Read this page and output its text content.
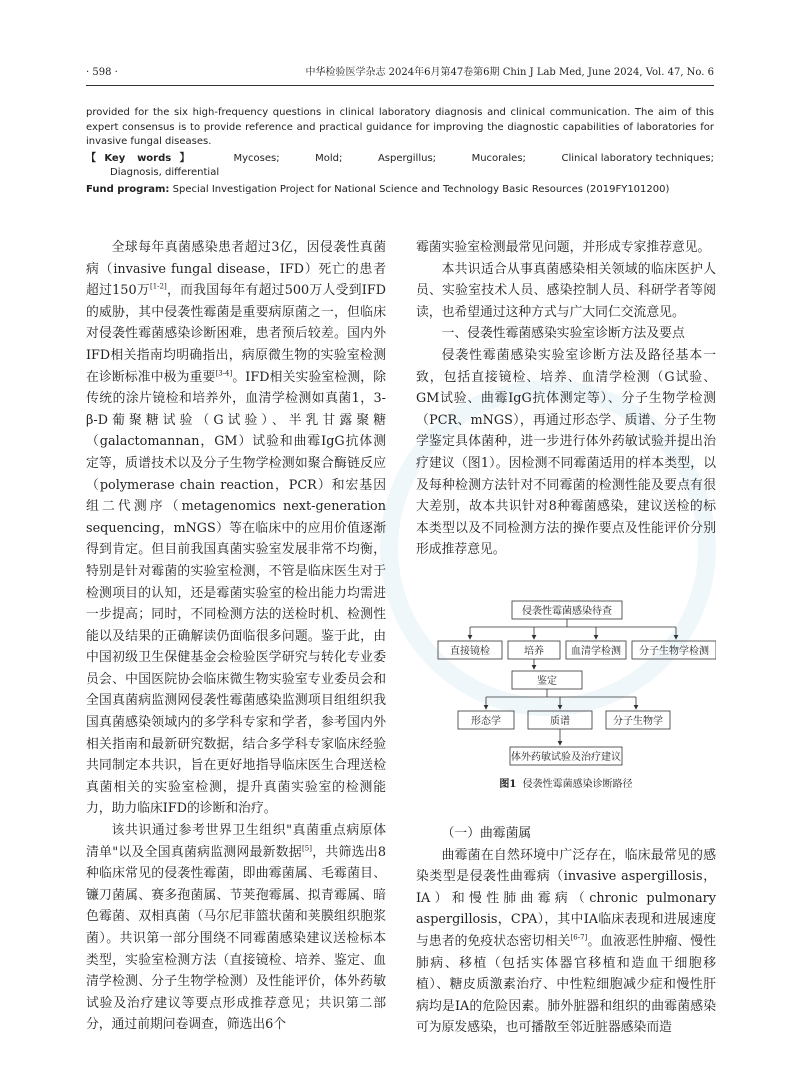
· 598 ·	中华检验医学杂志 2024年6月第47卷第6期 Chin J Lab Med, June 2024, Vol. 47, No. 6

provided for the six high-frequency questions in clinical laboratory diagnosis and clinical communication. The aim of this expert consensus is to provide reference and practical guidance for improving the diagnostic capabilities of laboratories for invasive fungal diseases.

【Key words】	Mycoses;	Mold;	Aspergillus;	Mucorales;	Clinical laboratory techniques; Diagnosis, differential

Fund program: Special Investigation Project for National Science and Technology Basic Resources (2019FY101200)

全球每年真菌感染患者超过3亿，因侵袭性真菌病（invasive fungal disease，IFD）死亡的患者超过150万[1-2]，而我国每年有超过500万人受到IFD的威胁，其中侵袭性霉菌是重要病原菌之一，但临床对侵袭性霉菌感染诊断困难，患者预后较差。国内外IFD相关指南均明确指出，病原微生物的实验室检测在诊断标准中极为重要[3-4]。IFD相关实验室检测，除传统的涂片镜检和培养外，血清学检测如真菌1，3-β-D葡聚糖试验（G试验）、半乳甘露聚糖（galactomannan，GM）试验和曲霉IgG抗体测定等，质谱技术以及分子生物学检测如聚合酶链反应（polymerase chain reaction，PCR）和宏基因组二代测序（metagenomics next-generation sequencing，mNGS）等在临床中的应用价值逐渐得到肯定。但目前我国真菌实验室发展非常不均衡，特别是针对霉菌的实验室检测，不管是临床医生对于检测项目的认知，还是霉菌实验室的检出能力均需进一步提高；同时，不同检测方法的送检时机、检测性能以及结果的正确解读仍面临很多问题。鉴于此，由中国初级卫生保健基金会检验医学研究与转化专业委员会、中国医院协会临床微生物实验室专业委员会和全国真菌病监测网侵袭性霉菌感染监测项目组组织我国真菌感染领域内的多学科专家和学者，参考国内外相关指南和最新研究数据，结合多学科专家临床经验共同制定本共识，旨在更好地指导临床医生合理送检真菌相关的实验室检测，提升真菌实验室的检测能力，助力临床IFD的诊断和治疗。

该共识通过参考世界卫生组织"真菌重点病原体清单"以及全国真菌病监测网最新数据[5]，共筛选出8种临床常见的侵袭性霉菌，即曲霉菌属、毛霉菌目、镰刀菌属、赛多孢菌属、节荚孢霉属、拟青霉属、暗色霉菌、双相真菌（马尔尼菲篮状菌和荚膜组织胞浆菌）。共识第一部分围绕不同霉菌感染建议送检标本类型，实验室检测方法（直接镜检、培养、鉴定、血清学检测、分子生物学检测）及性能评价，体外药敏试验及治疗建议等要点形成推荐意见；共识第二部分，通过前期问卷调查，筛选出6个

霉菌实验室检测最常见问题，并形成专家推荐意见。

本共识适合从事真菌感染相关领域的临床医护人员、实验室技术人员、感染控制人员、科研学者等阅读，也希望通过这种方式与广大同仁交流意见。

一、侵袭性霉菌感染实验室诊断方法及要点

侵袭性霉菌感染实验室诊断方法及路径基本一致，包括直接镜检、培养、血清学检测（G试验、GM试验、曲霉IgG抗体测定等）、分子生物学检测（PCR、mNGS），再通过形态学、质谱、分子生物学鉴定具体菌种，进一步进行体外药敏试验并提出治疗建议（图1）。因检测不同霉菌适用的样本类型，以及每种检测方法针对不同霉菌的检测性能及要点有很大差别，故本共识针对8种霉菌感染，建议送检的标本类型以及不同检测方法的操作要点及性能评价分别形成推荐意见。

侵袭性霉菌感染待查
直接镜检	培养	血清学检测 分子生物学检测
鉴定
形态学	质谱	分子生物学
体外药敏试验及治疗建议
图1 侵袭性霉菌感染诊断路径

（一）曲霉菌属

曲霉菌在自然环境中广泛存在，临床最常见的感染类型是侵袭性曲霉病（invasive aspergillosis，IA）和慢性肺曲霉病（chronic pulmonary aspergillosis，CPA），其中IA临床表现和进展速度与患者的免疫状态密切相关[6-7]。血液恶性肿瘤、慢性肺病、移植（包括实体器官移植和造血干细胞移植）、糖皮质激素治疗、中性粒细胞减少症和慢性肝病均是IA的危险因素。肺外脏器和组织的曲霉菌感染可为原发感染，也可播散至邻近脏器感染而造
